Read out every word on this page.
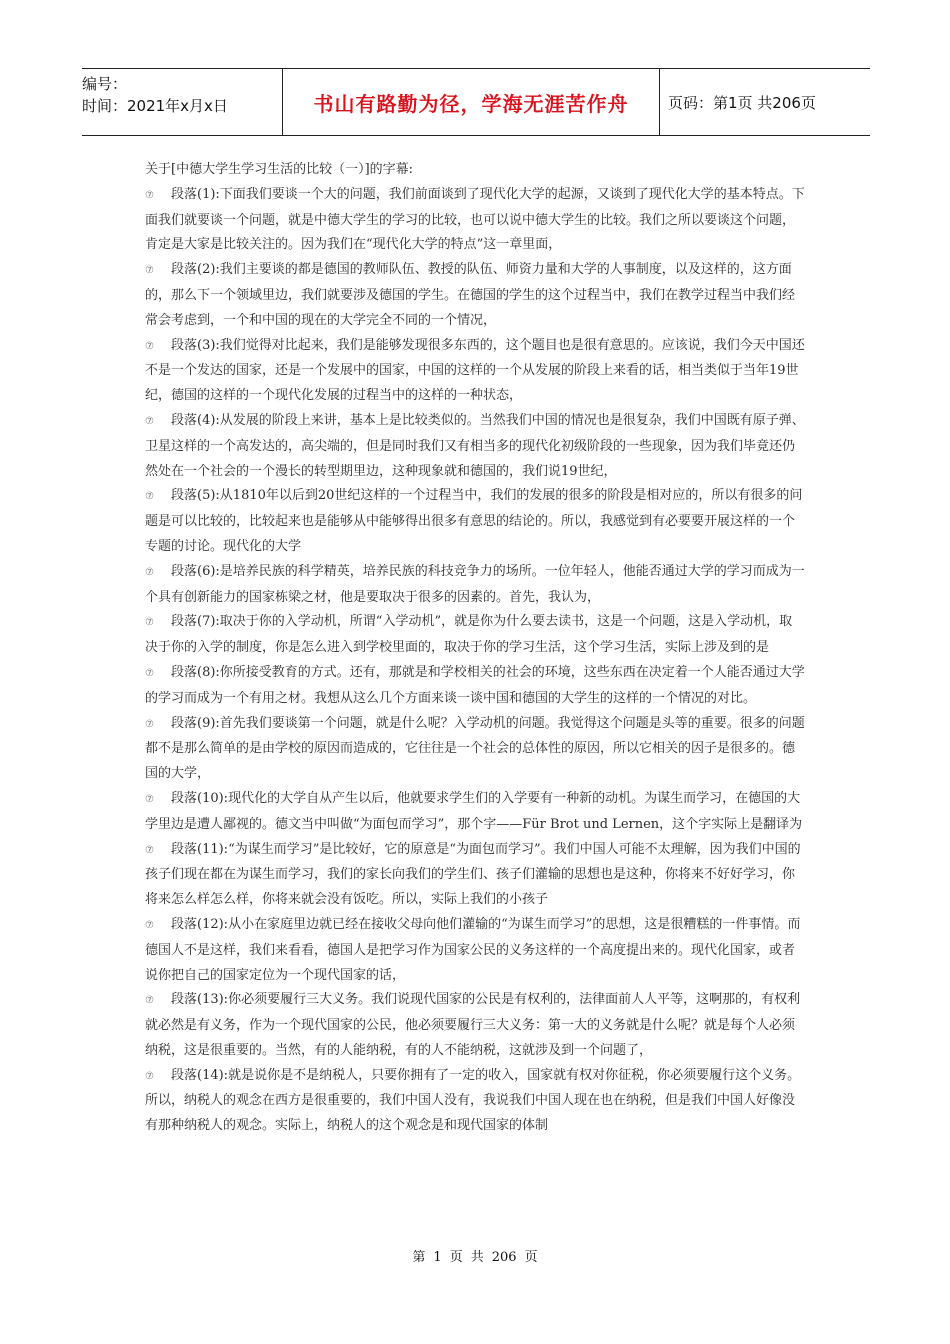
编号：
时间：2021年x月x日	书山有路勤为径，学海无涯苦作舟	页码：第1页 共206页

关于[中德大学生学习生活的比较（一）]的字幕:

⑦ 段落(1):下面我们要谈一个大的问题，我们前面谈到了现代化大学的起源，又谈到了现代化大学的基本特点。下面我们就要谈一个问题，就是中德大学生的学习的比较，也可以说中德大学生的比较。我们之所以要谈这个问题，肯定是大家是比较关注的。因为我们在“现代化大学的特点”这一章里面，

⑦ 段落(2):我们主要谈的都是德国的教师队伍、教授的队伍、师资力量和大学的人事制度，以及这样的，这方面的，那么下一个领域里边，我们就要涉及德国的学生。在德国的学生的这个过程当中，我们在教学过程当中我们经常会考虑到，一个和中国的现在的大学完全不同的一个情况，

⑦ 段落(3):我们觉得对比起来，我们是能够发现很多东西的，这个题目也是很有意思的。应该说，我们今天中国还不是一个发达的国家，还是一个发展中的国家，中国的这样的一个从发展的阶段上来看的话，相当类似于当年19世纪，德国的这样的一个现代化发展的过程当中的这样的一种状态，

⑦ 段落(4):从发展的阶段上来讲，基本上是比较类似的。当然我们中国的情况也是很复杂，我们中国既有原子弹、卫星这样的一个高发达的，高尖端的，但是同时我们又有相当多的现代化初级阶段的一些现象，因为我们毕竟还仍然处在一个社会的一个漫长的转型期里边，这种现象就和德国的，我们说19世纪，

⑦ 段落(5):从1810年以后到20世纪这样的一个过程当中，我们的发展的很多的阶段是相对应的，所以有很多的问题是可以比较的，比较起来也是能够从中能够得出很多有意思的结论的。所以，我感觉到有必要要开展这样的一个专题的讨论。现代化的大学

⑦ 段落(6):是培养民族的科学精英，培养民族的科技竞争力的场所。一位年轻人，他能否通过大学的学习而成为一个具有创新能力的国家栋梁之材，他是要取决于很多的因素的。首先，我认为，

⑦ 段落(7):取决于你的入学动机，所谓“入学动机”，就是你为什么要去读书，这是一个问题，这是入学动机，取决于你的入学的制度，你是怎么进入到学校里面的，取决于你的学习生活，这个学习生活，实际上涉及到的是

⑦ 段落(8):你所接受教育的方式。还有，那就是和学校相关的社会的环境，这些东西在决定着一个人能否通过大学的学习而成为一个有用之材。我想从这么几个方面来谈一谈中国和德国的大学生的这样的一个情况的对比。

⑦ 段落(9):首先我们要谈第一个问题，就是什么呢？入学动机的问题。我觉得这个问题是头等的重要。很多的问题都不是那么简单的是由学校的原因而造成的，它往往是一个社会的总体性的原因，所以它相关的因子是很多的。德国的大学，

⑦ 段落(10):现代化的大学自从产生以后，他就要求学生们的入学要有一种新的动机。为谋生而学习，在德国的大学里边是遭人鄙视的。德文当中叫做“为面包而学习”，那个字——Für Brot und Lernen，这个字实际上是翻译为

⑦ 段落(11):“为谋生而学习”是比较好，它的原意是“为面包而学习”。我们中国人可能不太理解，因为我们中国的孩子们现在都在为谋生而学习，我们的家长向我们的学生们、孩子们灌输的思想也是这种，你将来不好好学习，你将来怎么样怎么样，你将来就会没有饭吃。所以，实际上我们的小孩子

⑦ 段落(12):从小在家庭里边就已经在接收父母向他们灌输的“为谋生而学习”的思想，这是很糟糕的一件事情。而德国人不是这样，我们来看看，德国人是把学习作为国家公民的义务这样的一个高度提出来的。现代化国家，或者说你把自己的国家定位为一个现代国家的话，

⑦ 段落(13):你必须要履行三大义务。我们说现代国家的公民是有权利的，法律面前人人平等，这啊那的，有权利就必然是有义务，作为一个现代国家的公民，他必须要履行三大义务：第一大的义务就是什么呢？就是每个人必须纳税，这是很重要的。当然，有的人能纳税，有的人不能纳税，这就涉及到一个问题了，

⑦ 段落(14):就是说你是不是纳税人，只要你拥有了一定的收入，国家就有权对你征税，你必须要履行这个义务。所以，纳税人的观念在西方是很重要的，我们中国人没有，我说我们中国人现在也在纳税，但是我们中国人好像没有那种纳税人的观念。实际上，纳税人的这个观念是和现代国家的体制

第 1 页 共 206 页
